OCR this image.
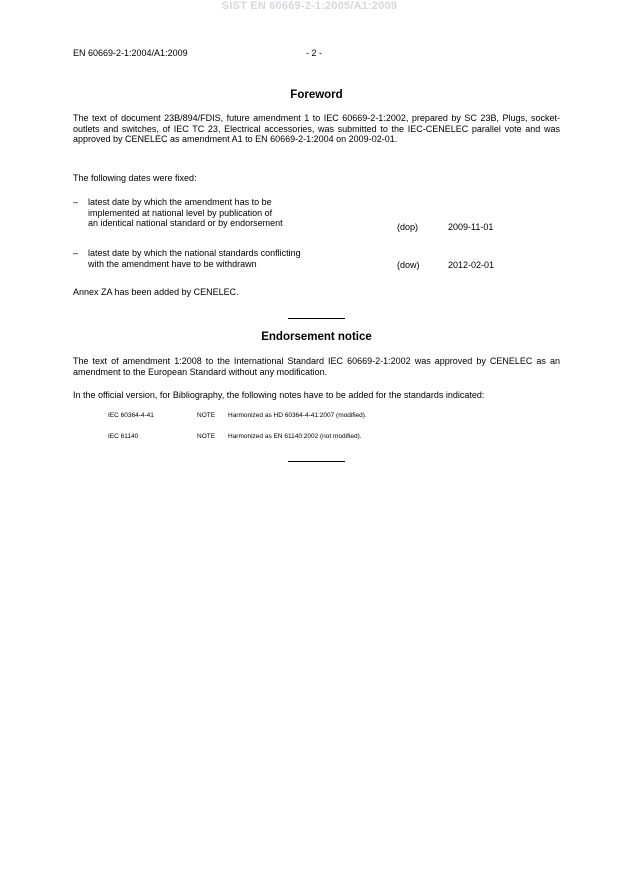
SIST EN 60669-2-1:2005/A1:2009
EN 60669-2-1:2004/A1:2009	- 2 -
Foreword
The text of document 23B/894/FDIS, future amendment 1 to IEC 60669-2-1:2002, prepared by SC 23B, Plugs, socket-outlets and switches, of IEC TC 23, Electrical accessories, was submitted to the IEC-CENELEC parallel vote and was approved by CENELEC as amendment A1 to EN 60669-2-1:2004 on 2009-02-01.
The following dates were fixed:
– latest date by which the amendment has to be
implemented at national level by publication of
an identical national standard or by endorsement	(dop)	2009-11-01
– latest date by which the national standards conflicting
with the amendment have to be withdrawn	(dow)	2012-02-01
Annex ZA has been added by CENELEC.
Endorsement notice
The text of amendment 1:2008 to the International Standard IEC 60669-2-1:2002 was approved by CENELEC as an amendment to the European Standard without any modification.
In the official version, for Bibliography, the following notes have to be added for the standards indicated:
IEC 60364-4-41	NOTE Harmonized as HD 60364-4-41:2007 (modified).
IEC 61140	NOTE Harmonized as EN 61140:2002 (not modified).
